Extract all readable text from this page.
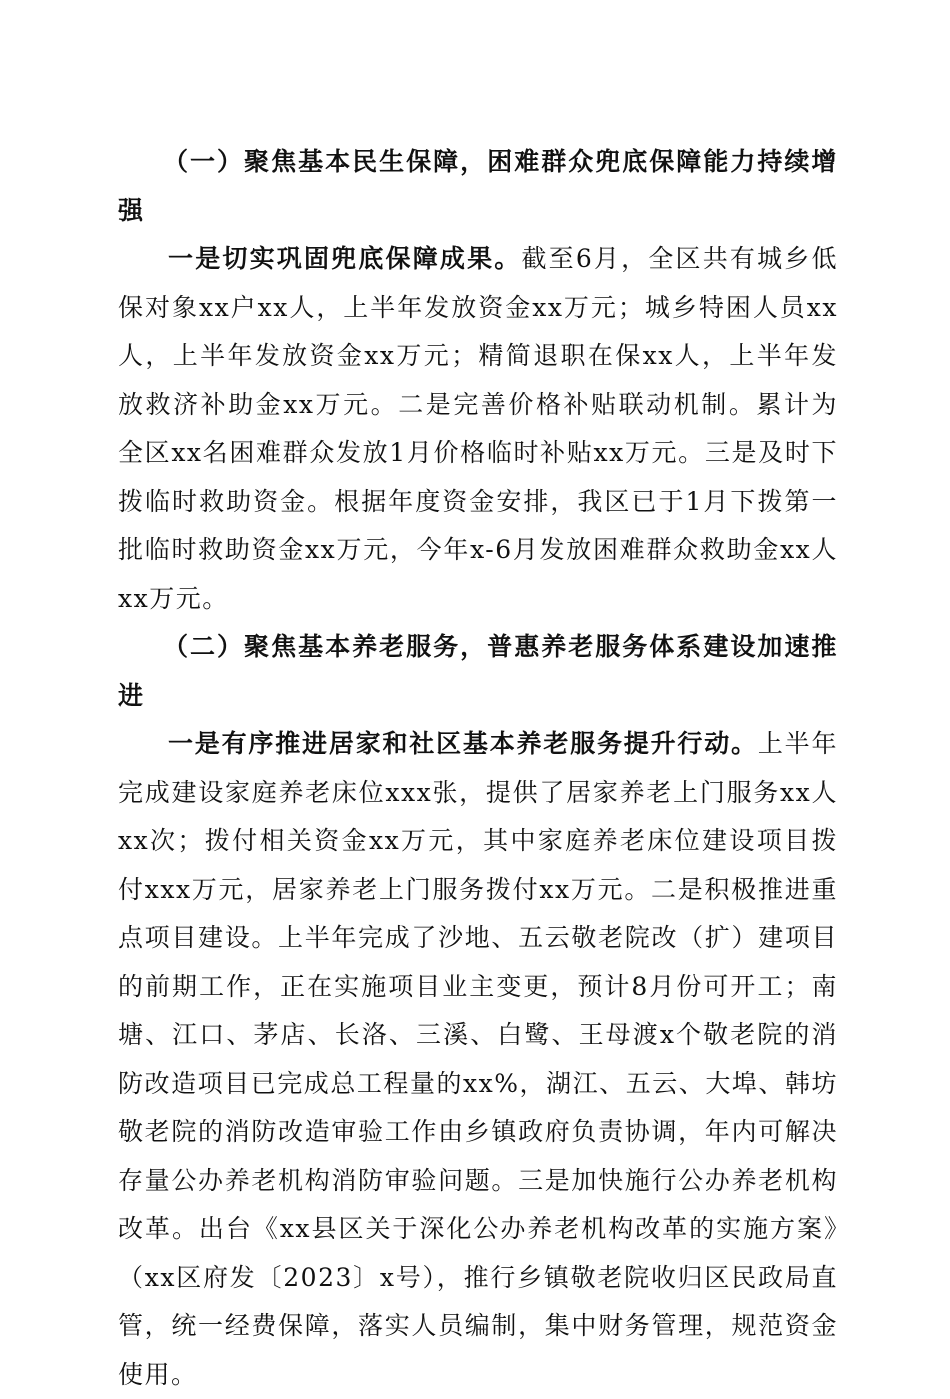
（一）聚焦基本民生保障，困难群众兜底保障能力持续增强

一是切实巩固兜底保障成果。截至6月，全区共有城乡低保对象xx户xx人，上半年发放资金xx万元；城乡特困人员xx人，上半年发放资金xx万元；精简退职在保xx人，上半年发放救济补助金xx万元。二是完善价格补贴联动机制。累计为全区xx名困难群众发放1月价格临时补贴xx万元。三是及时下拨临时救助资金。根据年度资金安排，我区已于1月下拨第一批临时救助资金xx万元，今年x-6月发放困难群众救助金xx人xx万元。

（二）聚焦基本养老服务，普惠养老服务体系建设加速推进

一是有序推进居家和社区基本养老服务提升行动。上半年完成建设家庭养老床位xxx张，提供了居家养老上门服务xx人xx次；拨付相关资金xx万元，其中家庭养老床位建设项目拨付xxx万元，居家养老上门服务拨付xx万元。二是积极推进重点项目建设。上半年完成了沙地、五云敬老院改（扩）建项目的前期工作，正在实施项目业主变更，预计8月份可开工；南塘、江口、茅店、长洛、三溪、白鹭、王母渡x个敬老院的消防改造项目已完成总工程量的xx%，湖江、五云、大埠、韩坊敬老院的消防改造审验工作由乡镇政府负责协调，年内可解决存量公办养老机构消防审验问题。三是加快施行公办养老机构改革。出台《xx县区关于深化公办养老机构改革的实施方案》（xx区府发〔2023〕x号），推行乡镇敬老院收归区民政局直管，统一经费保障，落实人员编制，集中财务管理，规范资金使用。
